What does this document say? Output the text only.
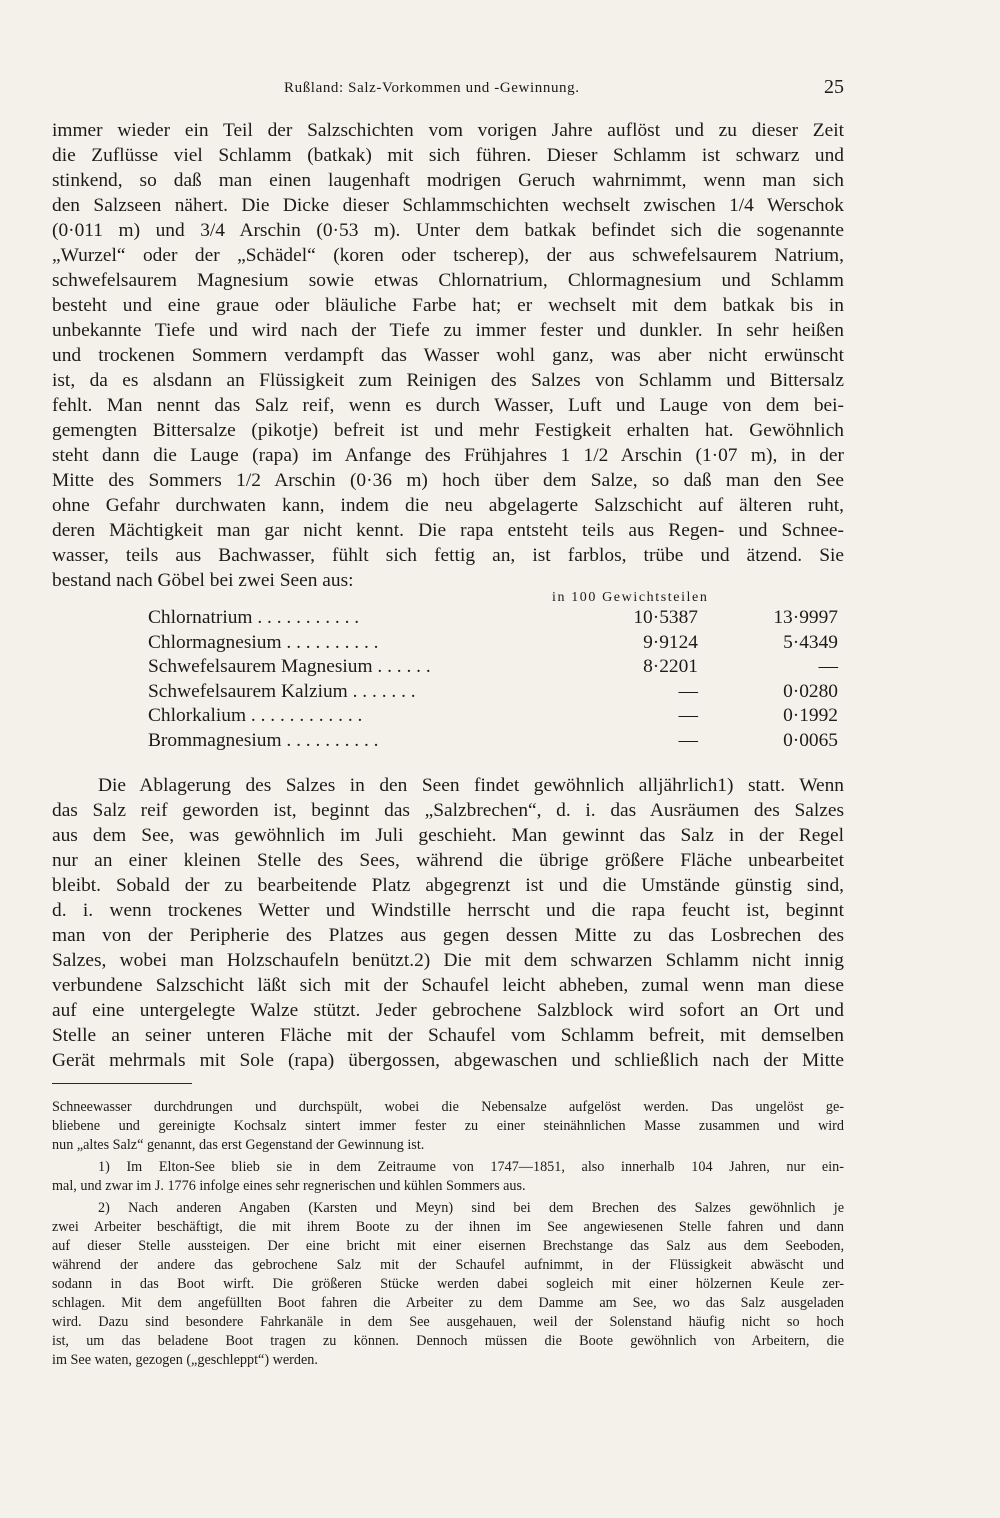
Rußland: Salz-Vorkommen und -Gewinnung.	25

immer wieder ein Teil der Salzschichten vom vorigen Jahre auflöst und zu dieser Zeit

die Zuflüsse viel Schlamm (batkak) mit sich führen. Dieser Schlamm ist schwarz und

stinkend, so daß man einen laugenhaft modrigen Geruch wahrnimmt, wenn man sich

den Salzseen nähert. Die Dicke dieser Schlammschichten wechselt zwischen 1/4 Werschok

(0·011 m) und 3/4 Arschin (0·53 m). Unter dem batkak befindet sich die sogenannte

„Wurzel“ oder der „Schädel“ (koren oder tscherep), der aus schwefelsaurem Natrium,

schwefelsaurem Magnesium sowie etwas Chlornatrium, Chlormagnesium und Schlamm

besteht und eine graue oder bläuliche Farbe hat; er wechselt mit dem batkak bis in

unbekannte Tiefe und wird nach der Tiefe zu immer fester und dunkler. In sehr heißen

und trockenen Sommern verdampft das Wasser wohl ganz, was aber nicht erwünscht

ist, da es alsdann an Flüssigkeit zum Reinigen des Salzes von Schlamm und Bittersalz

fehlt. Man nennt das Salz reif, wenn es durch Wasser, Luft und Lauge von dem bei-

gemengten Bittersalze (pikotje) befreit ist und mehr Festigkeit erhalten hat. Gewöhnlich

steht dann die Lauge (rapa) im Anfange des Frühjahres 1 1/2 Arschin (1·07 m), in der

Mitte des Sommers 1/2 Arschin (0·36 m) hoch über dem Salze, so daß man den See

ohne Gefahr durchwaten kann, indem die neu abgelagerte Salzschicht auf älteren ruht,

deren Mächtigkeit man gar nicht kennt. Die rapa entsteht teils aus Regen- und Schnee-

wasser, teils aus Bachwasser, fühlt sich fettig an, ist farblos, trübe und ätzend. Sie

bestand nach Göbel bei zwei Seen aus:

in 100 Gewichtsteilen
Chlornatrium . . . . . . . . . . .	10·5387	13·9997
Chlormagnesium . . . . . . . . . .	9·9124	5·4349
Schwefelsaurem Magnesium . . . . . .	8·2201	—
Schwefelsaurem Kalzium . . . . . . .	—	0·0280
Chlorkalium . . . . . . . . . . . .	—	0·1992
Brommagnesium . . . . . . . . . .	—	0·0065

Die Ablagerung des Salzes in den Seen findet gewöhnlich alljährlich1) statt. Wenn

das Salz reif geworden ist, beginnt das „Salzbrechen“, d. i. das Ausräumen des Salzes

aus dem See, was gewöhnlich im Juli geschieht. Man gewinnt das Salz in der Regel

nur an einer kleinen Stelle des Sees, während die übrige größere Fläche unbearbeitet

bleibt. Sobald der zu bearbeitende Platz abgegrenzt ist und die Umstände günstig sind,

d. i. wenn trockenes Wetter und Windstille herrscht und die rapa feucht ist, beginnt

man von der Peripherie des Platzes aus gegen dessen Mitte zu das Losbrechen des

Salzes, wobei man Holzschaufeln benützt.2) Die mit dem schwarzen Schlamm nicht innig

verbundene Salzschicht läßt sich mit der Schaufel leicht abheben, zumal wenn man diese

auf eine untergelegte Walze stützt. Jeder gebrochene Salzblock wird sofort an Ort und

Stelle an seiner unteren Fläche mit der Schaufel vom Schlamm befreit, mit demselben

Gerät mehrmals mit Sole (rapa) übergossen, abgewaschen und schließlich nach der Mitte

Schneewasser durchdrungen und durchspült, wobei die Nebensalze aufgelöst werden. Das ungelöst ge-

bliebene und gereinigte Kochsalz sintert immer fester zu einer steinähnlichen Masse zusammen und wird

nun „altes Salz“ genannt, das erst Gegenstand der Gewinnung ist.

1) Im Elton-See blieb sie in dem Zeitraume von 1747—1851, also innerhalb 104 Jahren, nur ein-

mal, und zwar im J. 1776 infolge eines sehr regnerischen und kühlen Sommers aus.

2) Nach anderen Angaben (Karsten und Meyn) sind bei dem Brechen des Salzes gewöhnlich je

zwei Arbeiter beschäftigt, die mit ihrem Boote zu der ihnen im See angewiesenen Stelle fahren und dann

auf dieser Stelle aussteigen. Der eine bricht mit einer eisernen Brechstange das Salz aus dem Seeboden,

während der andere das gebrochene Salz mit der Schaufel aufnimmt, in der Flüssigkeit abwäscht und

sodann in das Boot wirft. Die größeren Stücke werden dabei sogleich mit einer hölzernen Keule zer-

schlagen. Mit dem angefüllten Boot fahren die Arbeiter zu dem Damme am See, wo das Salz ausgeladen

wird. Dazu sind besondere Fahrkanäle in dem See ausgehauen, weil der Solenstand häufig nicht so hoch

ist, um das beladene Boot tragen zu können. Dennoch müssen die Boote gewöhnlich von Arbeitern, die

im See waten, gezogen („geschleppt“) werden.
